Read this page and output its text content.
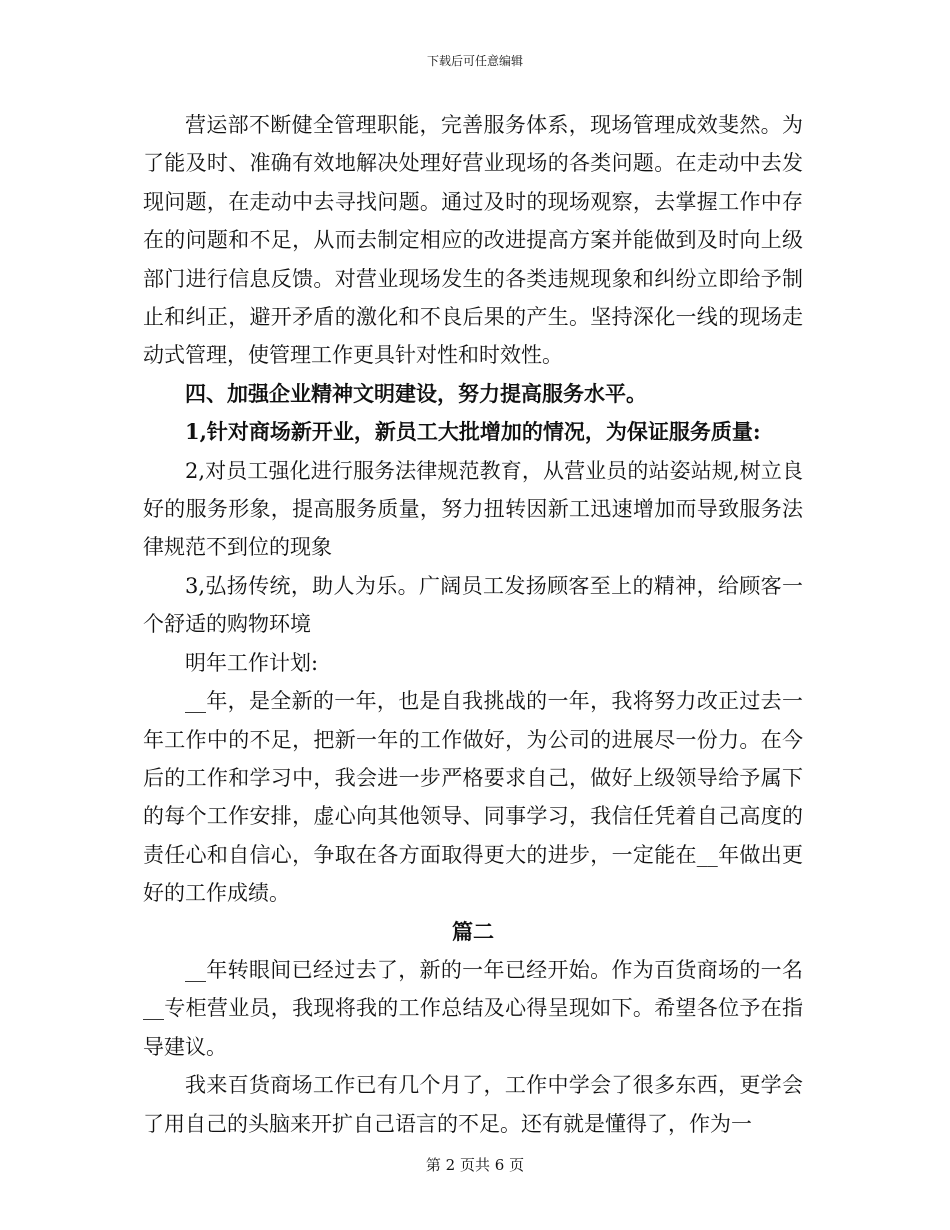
下载后可任意编辑

营运部不断健全管理职能，完善服务体系，现场管理成效斐然。为了能及时、准确有效地解决处理好营业现场的各类问题。在走动中去发现问题，在走动中去寻找问题。通过及时的现场观察，去掌握工作中存在的问题和不足，从而去制定相应的改进提高方案并能做到及时向上级部门进行信息反馈。对营业现场发生的各类违规现象和纠纷立即给予制止和纠正，避开矛盾的激化和不良后果的产生。坚持深化一线的现场走动式管理，使管理工作更具针对性和时效性。

四、加强企业精神文明建设，努力提高服务水平。

1,针对商场新开业，新员工大批增加的情况，为保证服务质量:

2,对员工强化进行服务法律规范教育，从营业员的站姿站规,树立良好的服务形象，提高服务质量，努力扭转因新工迅速增加而导致服务法律规范不到位的现象

3,弘扬传统，助人为乐。广阔员工发扬顾客至上的精神，给顾客一个舒适的购物环境

明年工作计划:

__年，是全新的一年，也是自我挑战的一年，我将努力改正过去一年工作中的不足，把新一年的工作做好，为公司的进展尽一份力。在今后的工作和学习中，我会进一步严格要求自己，做好上级领导给予属下的每个工作安排，虚心向其他领导、同事学习，我信任凭着自己高度的责任心和自信心，争取在各方面取得更大的进步，一定能在__年做出更好的工作成绩。

篇二

__年转眼间已经过去了，新的一年已经开始。作为百货商场的一名__专柜营业员，我现将我的工作总结及心得呈现如下。希望各位予在指导建议。

我来百货商场工作已有几个月了，工作中学会了很多东西，更学会了用自己的头脑来开扩自己语言的不足。还有就是懂得了，作为一

第 2 页共 6 页
